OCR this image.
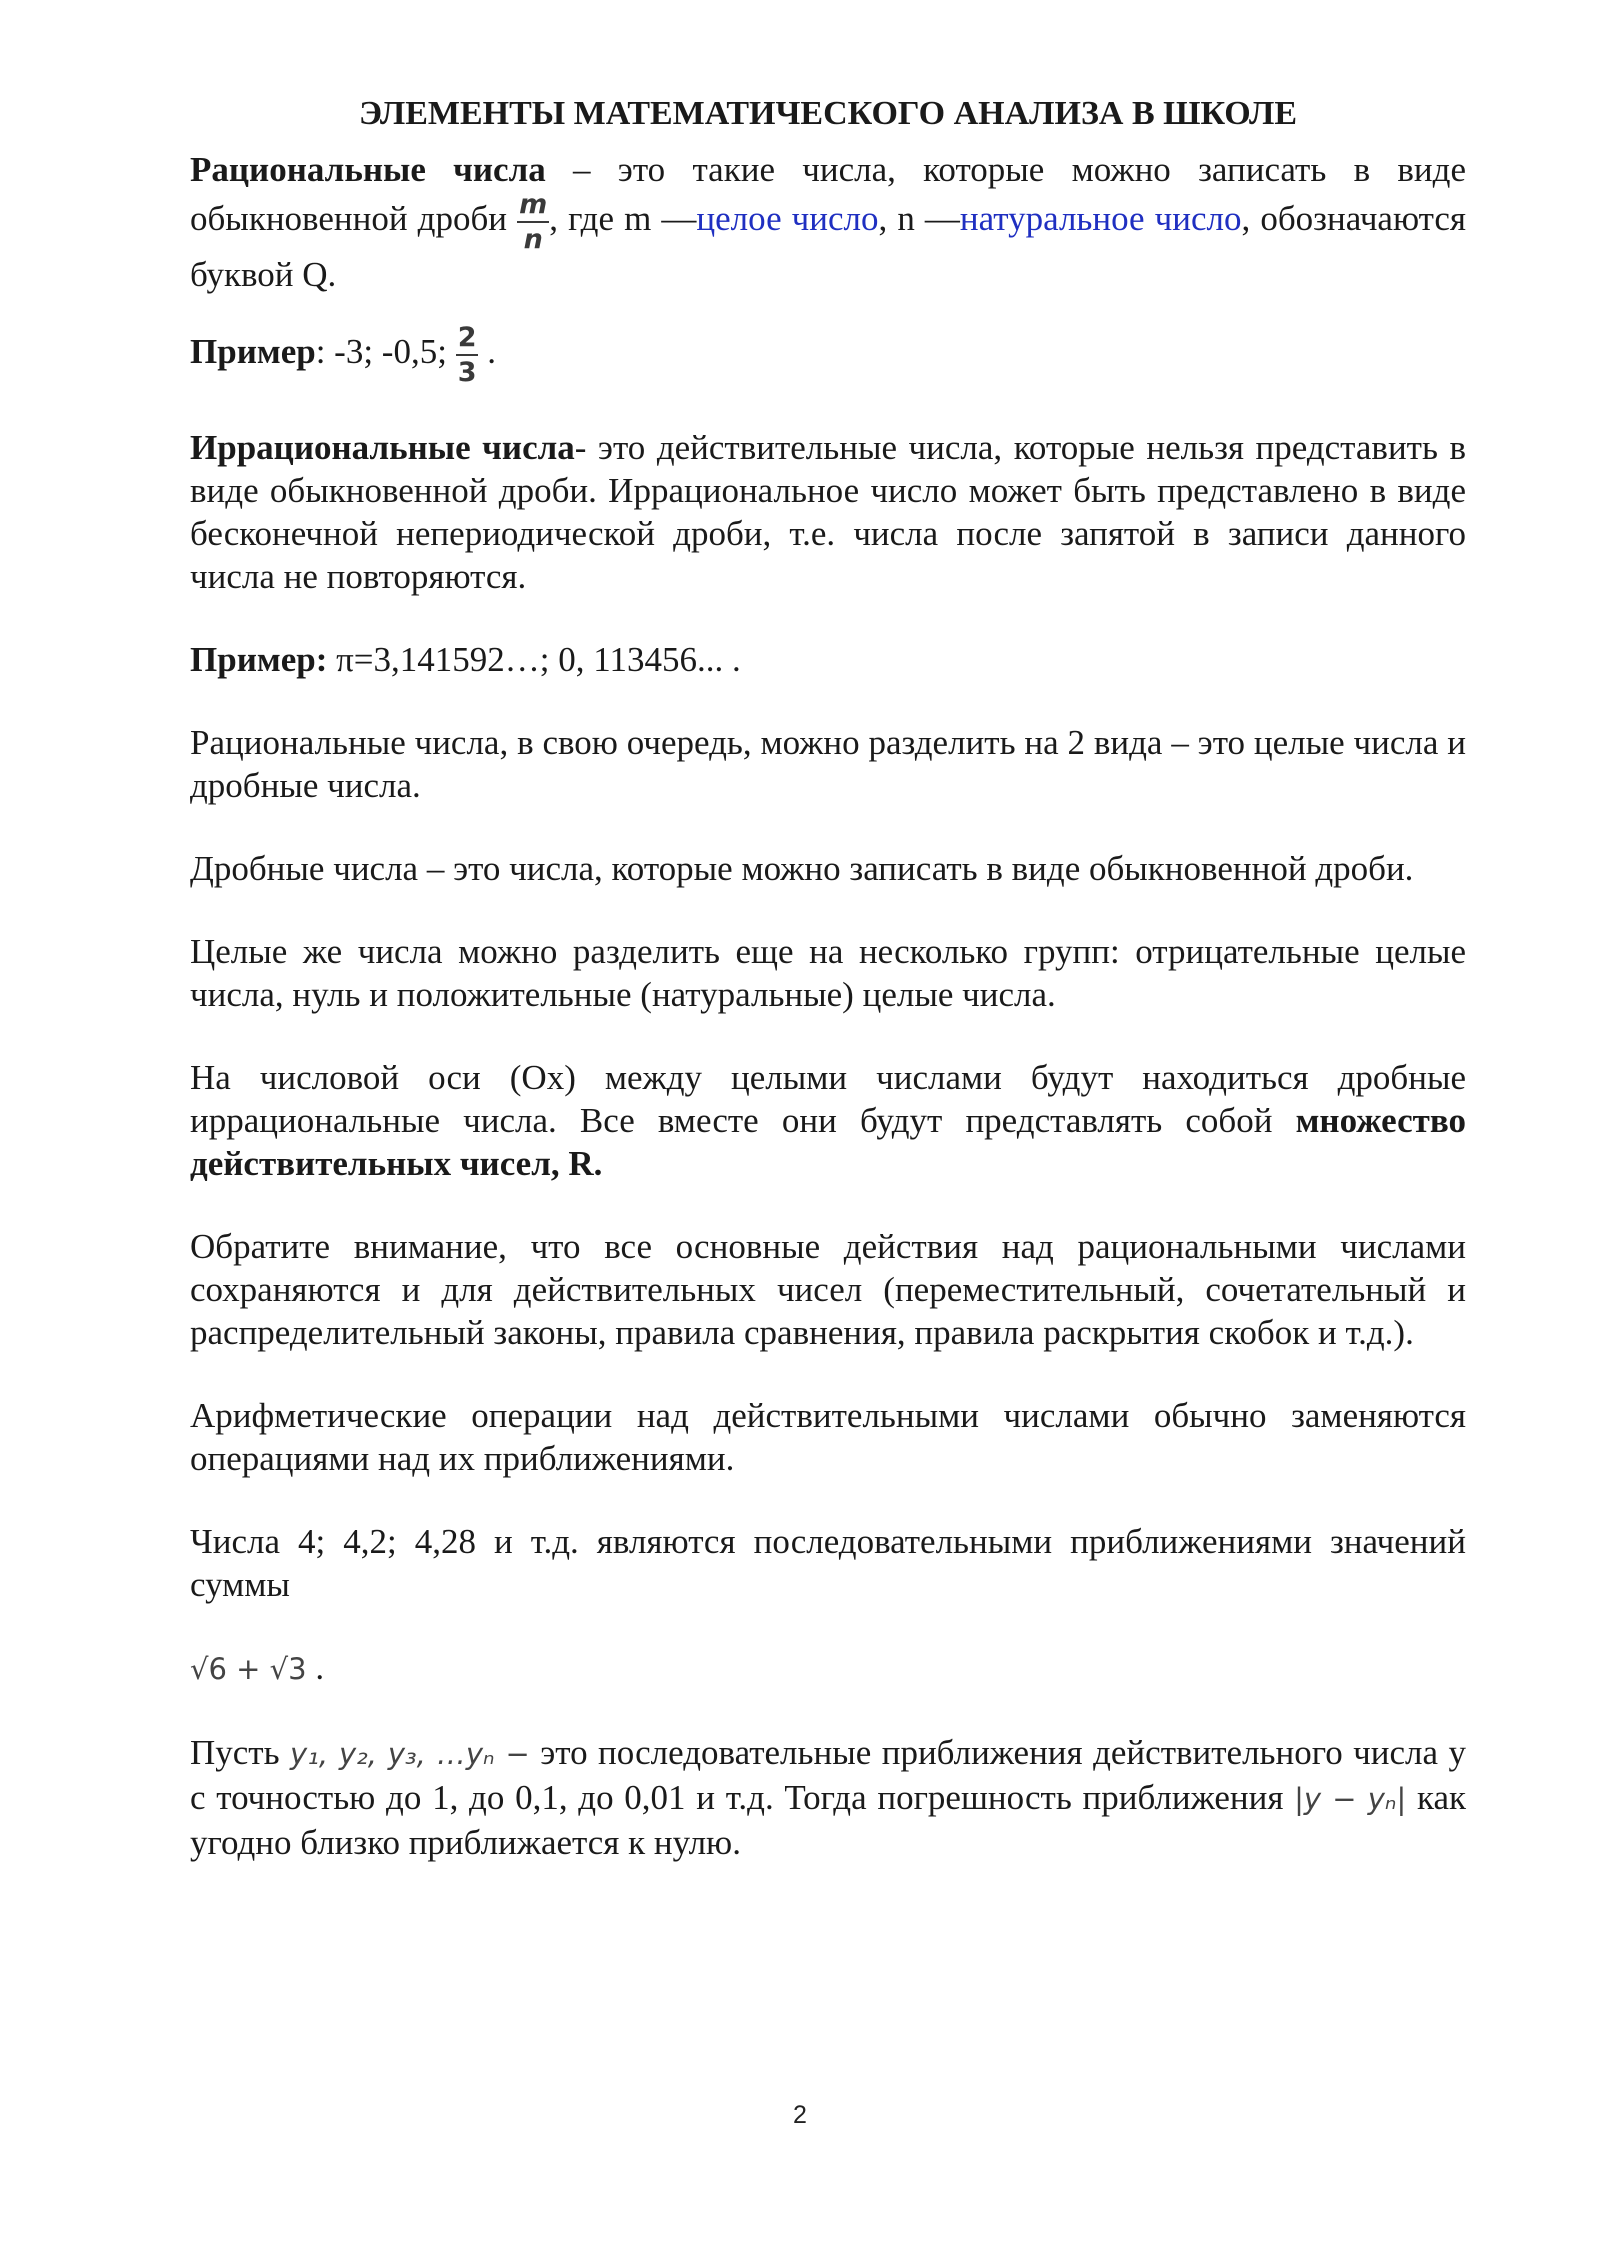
ЭЛЕМЕНТЫ МАТЕМАТИЧЕСКОГО АНАЛИЗА В ШКОЛЕ

Рациональные числа – это такие числа, которые можно записать в виде обыкновенной дроби $\frac{m}{n}$ , где m —целое число, n —натуральное число, обозначаются буквой Q.

Пример: -3; -0,5; $\frac{2}{3}$ .

Иррациональные числа- это действительные числа, которые нельзя представить в виде обыкновенной дроби. Иррациональное число может быть представлено в виде бесконечной непериодической дроби, т.е. числа после запятой в записи данного числа не повторяются.

Пример: π=3,141592…; 0, 113456... .

Рациональные числа, в свою очередь, можно разделить на 2 вида – это целые числа и дробные числа.

Дробные числа – это числа, которые можно записать в виде обыкновенной дроби.

Целые же числа можно разделить еще на несколько групп: отрицательные целые числа, нуль и положительные (натуральные) целые числа.

На числовой оси (Ox) между целыми числами будут находиться дробные иррациональные числа. Все вместе они будут представлять собой множество действительных чисел, R.

Обратите внимание, что все основные действия над рациональными числами сохраняются и для действительных чисел (переместительный, сочетательный и распределительный законы, правила сравнения, правила раскрытия скобок и т.д.).

Арифметические операции над действительными числами обычно заменяются операциями над их приближениями.

Числа 4; 4,2; 4,28 и т.д. являются последовательными приближениями значений суммы

√6 + √3 .

Пусть y₁, y₂, y₃, …yₙ − это последовательные приближения действительного числа y с точностью до 1, до 0,1, до 0,01 и т.д. Тогда погрешность приближения |y − yₙ| как угодно близко приближается к нулю.

2
